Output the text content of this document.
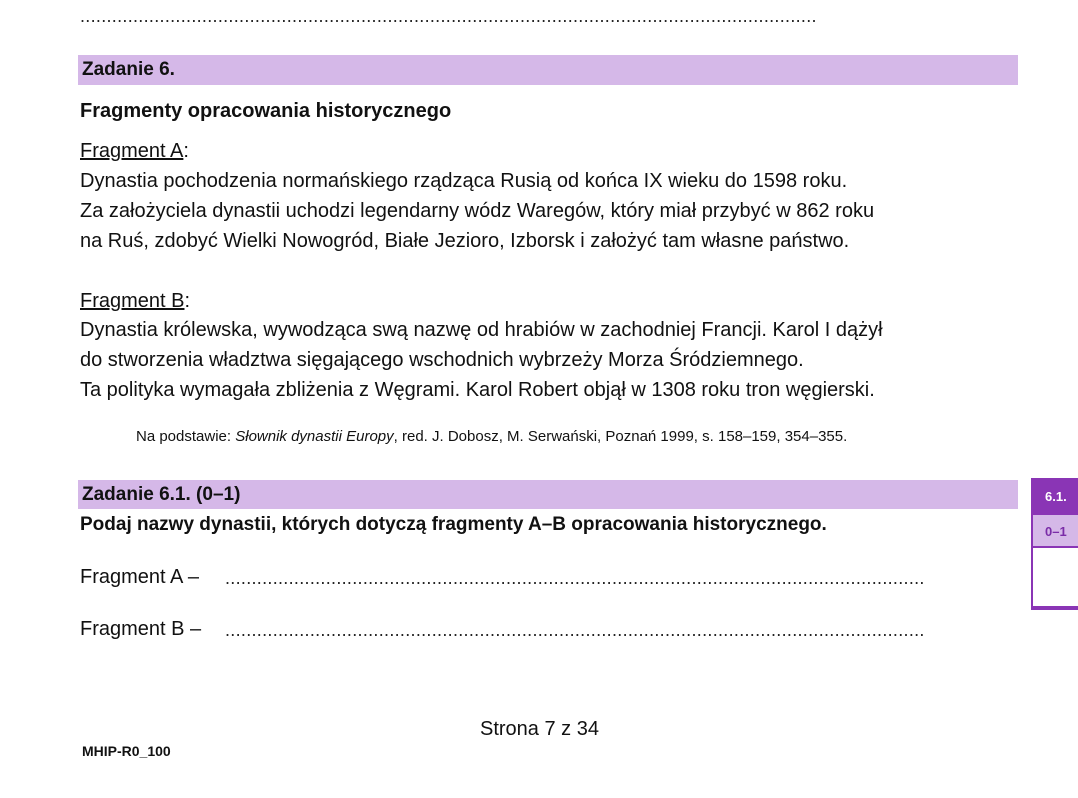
...........................................................................................................................................
Zadanie 6.
Fragmenty opracowania historycznego
Fragment A:
Dynastia pochodzenia normańskiego rządząca Rusią od końca IX wieku do 1598 roku.
Za założyciela dynastii uchodzi legendarny wódz Waregów, który miał przybyć w 862 roku
na Ruś, zdobyć Wielki Nowogród, Białe Jezioro, Izborsk i założyć tam własne państwo.
Fragment B:
Dynastia królewska, wywodząca swą nazwę od hrabiów w zachodniej Francji. Karol I dążył
do stworzenia władztwa sięgającego wschodnich wybrzeży Morza Śródziemnego.
Ta polityka wymagała zbliżenia z Węgrami. Karol Robert objął w 1308 roku tron węgierski.
Na podstawie: Słownik dynastii Europy, red. J. Dobosz, M. Serwański, Poznań 1999, s. 158–159, 354–355.
Zadanie 6.1. (0–1)
Podaj nazwy dynastii, których dotyczą fragmenty A–B opracowania historycznego.
Fragment A – ....................................................................................................................................
Fragment B – ....................................................................................................................................
6.1.
0–1
Strona 7 z 34
MHIP-R0_100
